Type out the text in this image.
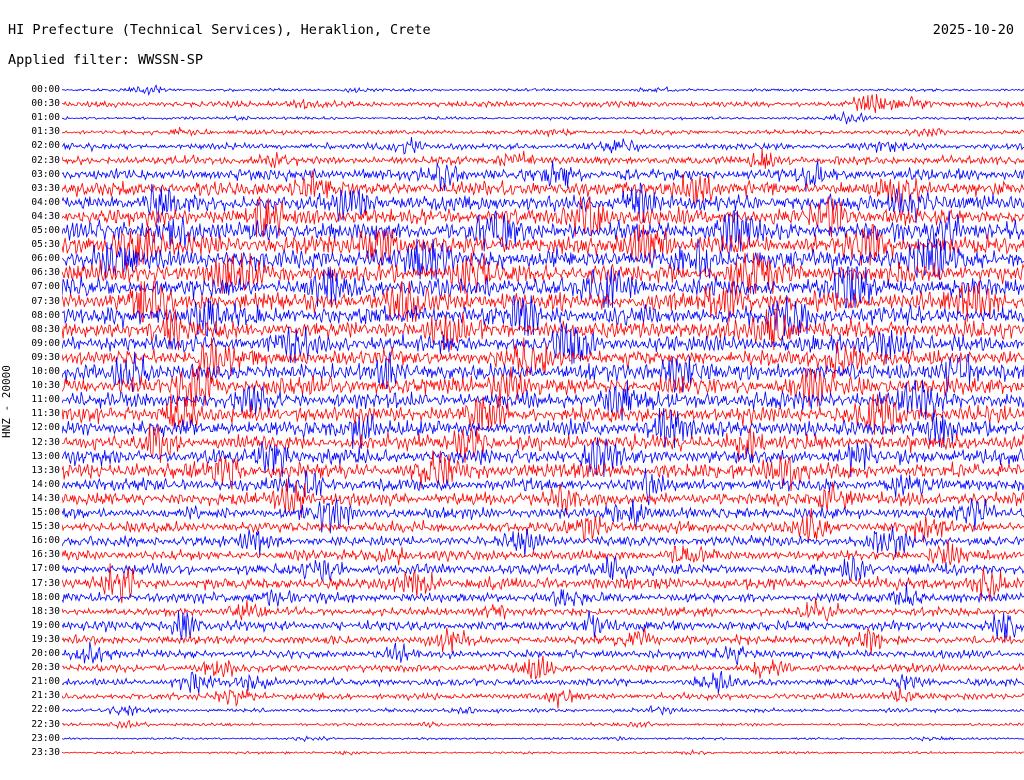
HI Prefecture (Technical Services), Heraklion, Crete	2025-10-20
Applied filter: WWSSN-SP
HNZ - 20000
00:00
00:30
01:00
01:30
02:00
02:30
03:00
03:30
04:00
04:30
05:00
05:30
06:00
06:30
07:00
07:30
08:00
08:30
09:00
09:30
10:00
10:30
11:00
11:30
12:00
12:30
13:00
13:30
14:00
14:30
15:00
15:30
16:00
16:30
17:00
17:30
18:00
18:30
19:00
19:30
20:00
20:30
21:00
21:30
22:00
22:30
23:00
23:30
